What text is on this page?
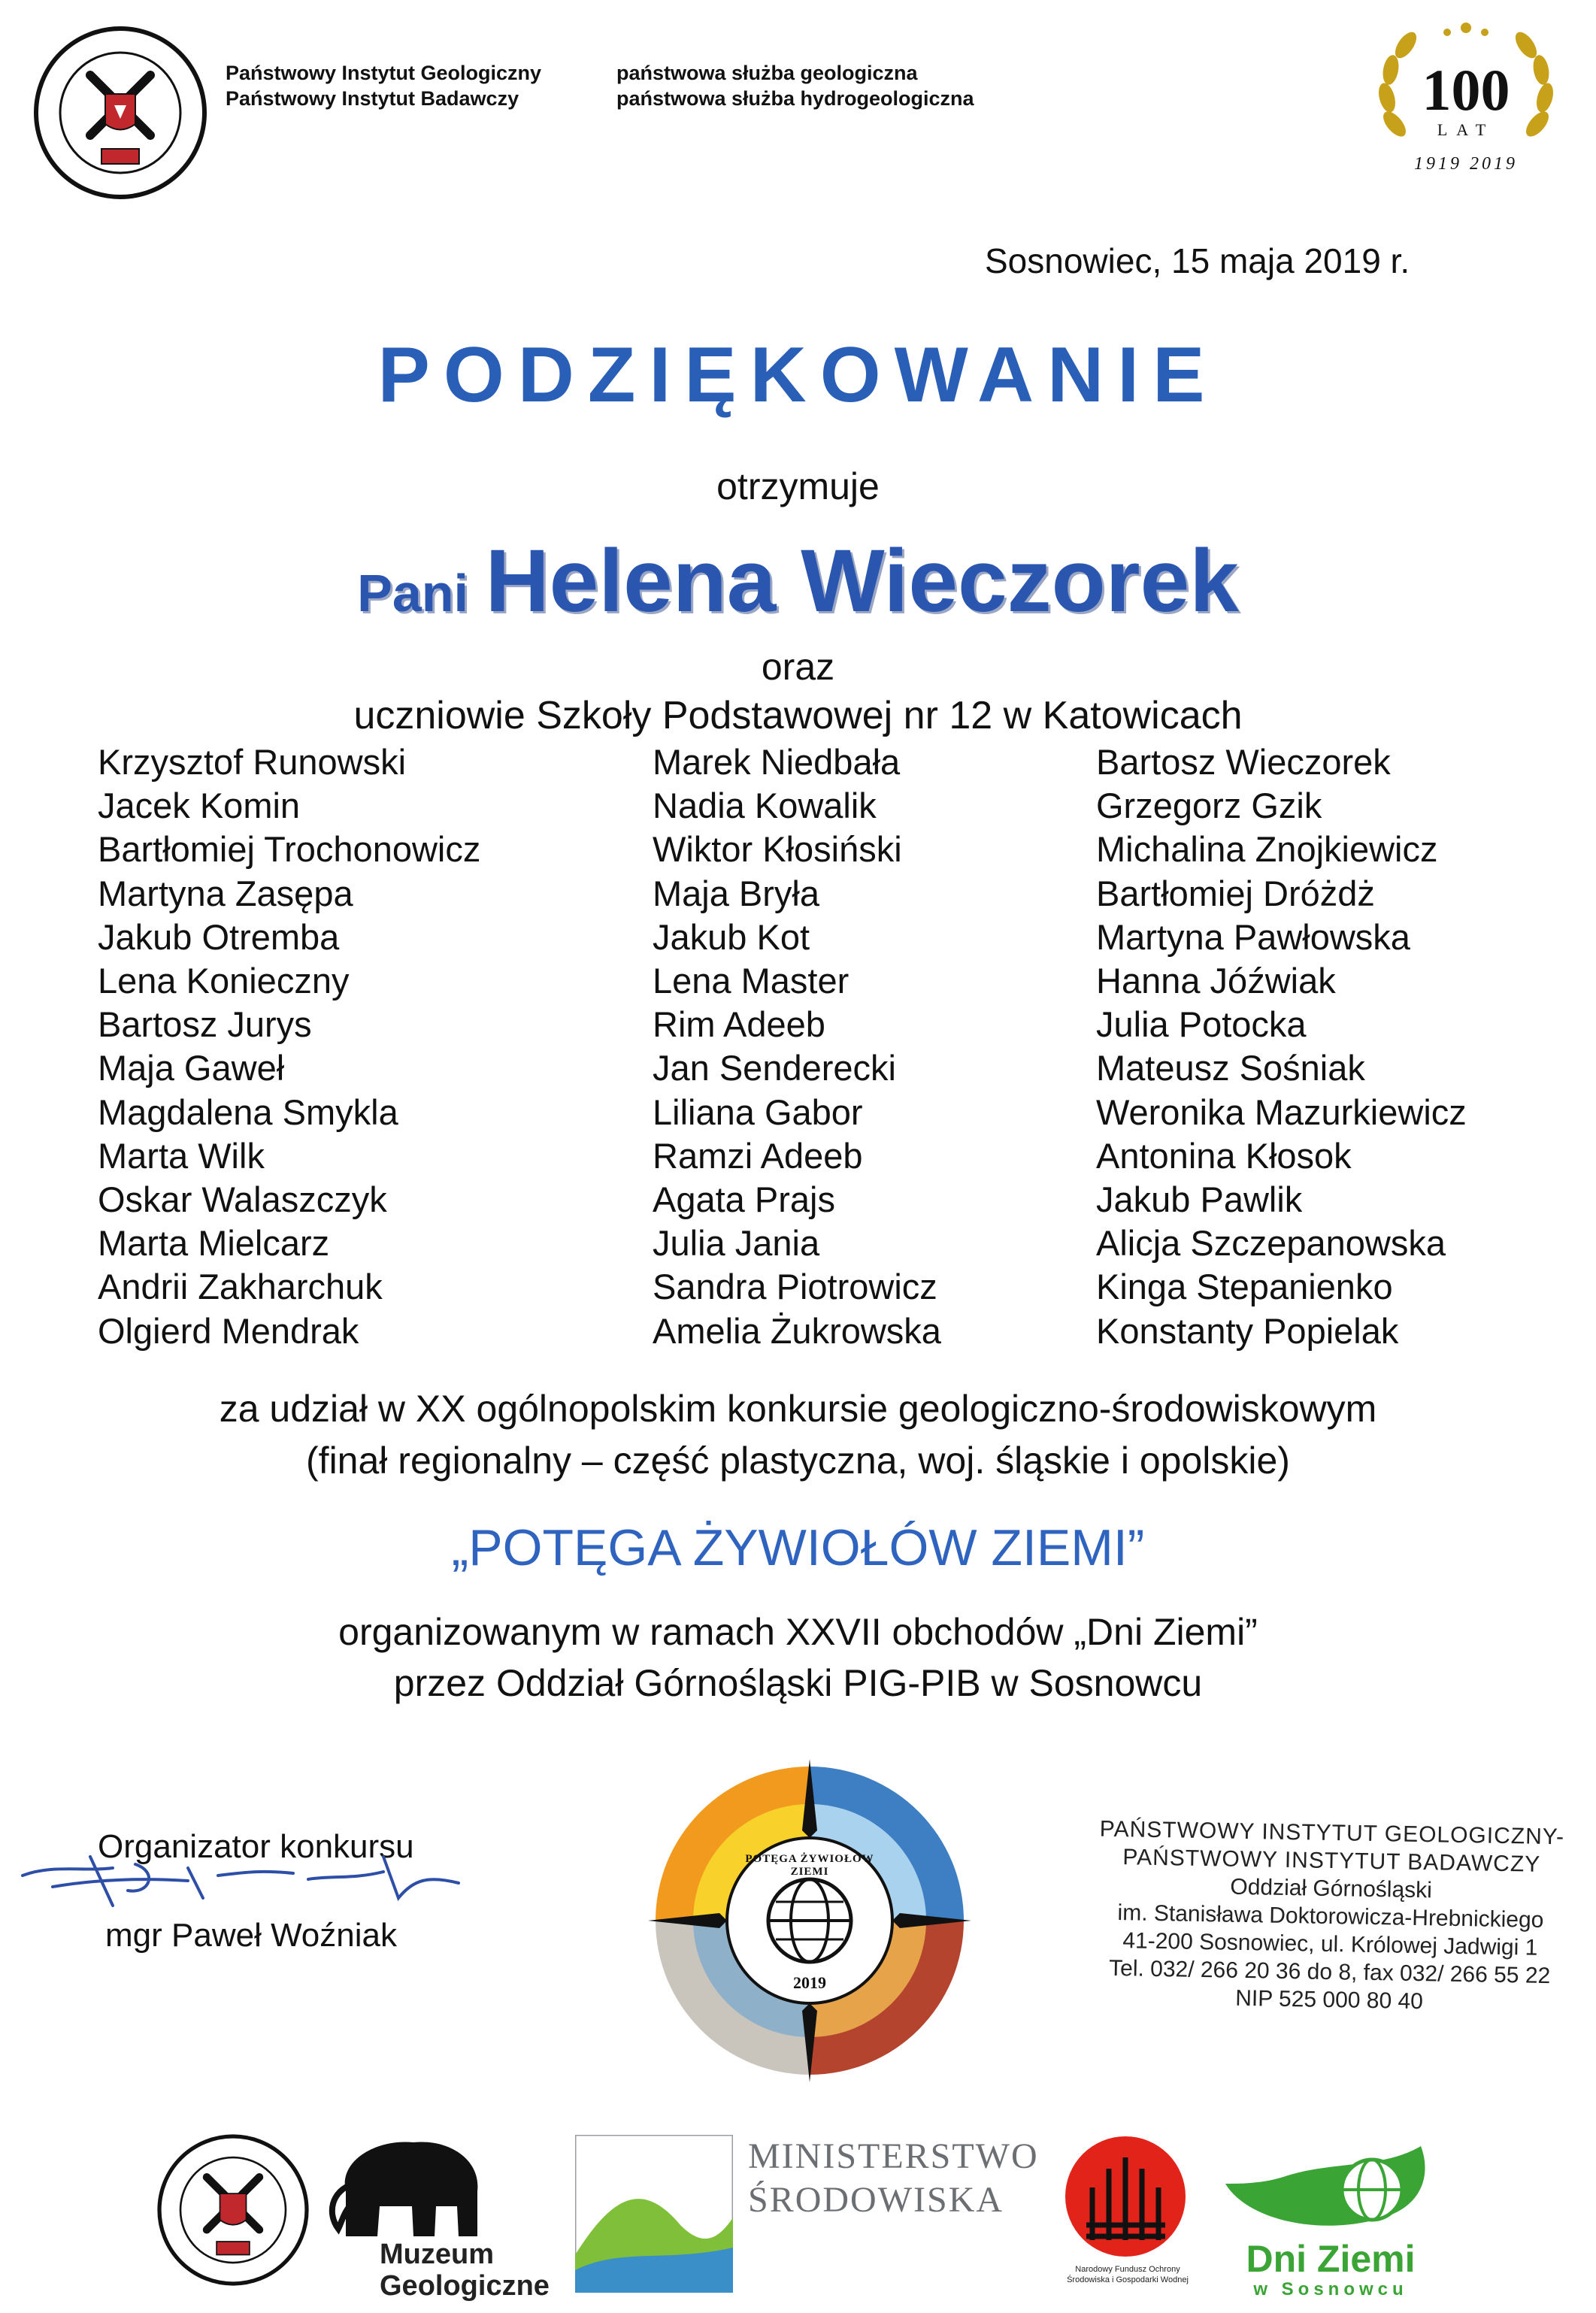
Państwowy Instytut Geologiczny
Państwowy Instytut Badawczy
państwowa służba geologiczna
państwowa służba hydrogeologiczna	100
LAT
1919 2019
Sosnowiec, 15 maja 2019 r.
PODZIĘKOWANIE
otrzymuje
Pani Helena Wieczorek
oraz
uczniowie Szkoły Podstawowej nr 12 w Katowicach
Krzysztof Runowski
Jacek Komin
Bartłomiej Trochonowicz
Martyna Zasępa
Jakub Otremba
Lena Konieczny
Bartosz Jurys
Maja Gaweł
Magdalena Smykla
Marta Wilk
Oskar Walaszczyk
Marta Mielcarz
Andrii Zakharchuk
Olgierd Mendrak
Marek Niedbała
Nadia Kowalik
Wiktor Kłosiński
Maja Bryła
Jakub Kot
Lena Master
Rim Adeeb
Jan Senderecki
Liliana Gabor
Ramzi Adeeb
Agata Prajs
Julia Jania
Sandra Piotrowicz
Amelia Żukrowska
Bartosz Wieczorek
Grzegorz Gzik
Michalina Znojkiewicz
Bartłomiej Dróżdż
Martyna Pawłowska
Hanna Jóźwiak
Julia Potocka
Mateusz Sośniak
Weronika Mazurkiewicz
Antonina Kłosok
Jakub Pawlik
Alicja Szczepanowska
Kinga Stepanienko
Konstanty Popielak
za udział w XX ogólnopolskim konkursie geologiczno-środowiskowym
(finał regionalny – część plastyczna, woj. śląskie i opolskie)
„POTĘGA ŻYWIOŁÓW ZIEMI”
organizowanym w ramach XXVII obchodów „Dni Ziemi”
przez Oddział Górnośląski PIG-PIB w Sosnowcu
Organizator konkursu
mgr Paweł Woźniak
POTĘGA ŻYWIOŁÓW ZIEMI
2019
PAŃSTWOWY INSTYTUT GEOLOGICZNY-
PAŃSTWOWY INSTYTUT BADAWCZY
Oddział Górnośląski
im. Stanisława Doktorowicza-Hrebnickiego
41-200 Sosnowiec, ul. Królowej Jadwigi 1
Tel. 032/ 266 20 36 do 8, fax 032/ 266 55 22
NIP 525 000 80 40
Muzeum
Geologiczne
MINISTERSTWO
ŚRODOWISKA
Narodowy Fundusz Ochrony Środowiska i Gospodarki Wodnej	Dni Ziemi
w Sosnowcu
